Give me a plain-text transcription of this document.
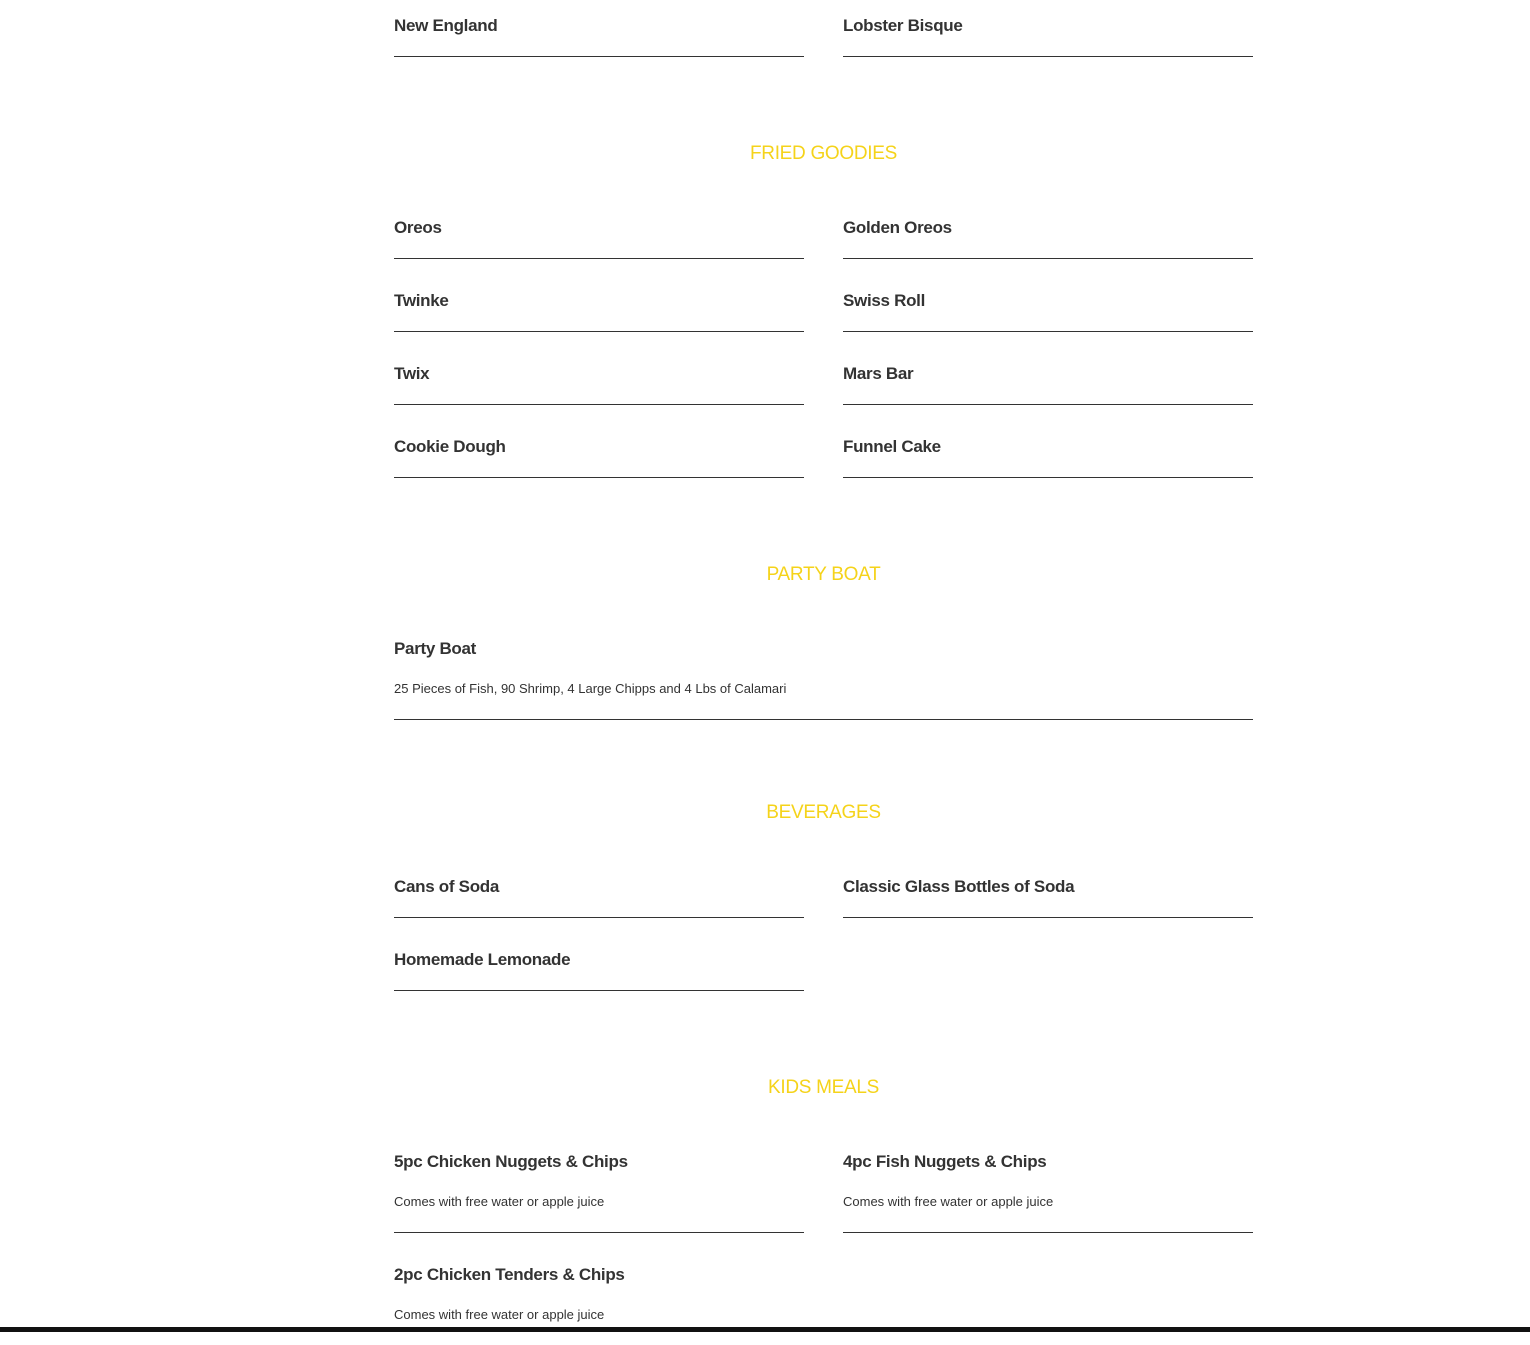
New England	Lobster Bisque
FRIED GOODIES
Oreos	Golden Oreos
Twinke	Swiss Roll
Twix	Mars Bar
Cookie Dough	Funnel Cake
PARTY BOAT
Party Boat
25 Pieces of Fish, 90 Shrimp, 4 Large Chipps and 4 Lbs of Calamari
BEVERAGES
Cans of Soda	Classic Glass Bottles of Soda
Homemade Lemonade
KIDS MEALS
5pc Chicken Nuggets & Chips
Comes with free water or apple juice
4pc Fish Nuggets & Chips
Comes with free water or apple juice
2pc Chicken Tenders & Chips
Comes with free water or apple juice
